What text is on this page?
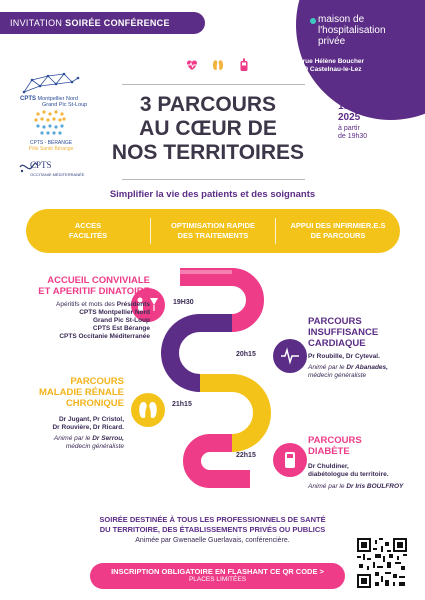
maison de
l'hospitalisation
privée
288 rue Hélène Boucher
34170 Castelnau-le-Lez
INVITATION SOIRÉE CONFÉRENCE
CPTS Montpellier Nord
Grand Pic St-Loup
CPTS - BÉRANGE
Pôle Santé Bérange
CPTS
OCCITANIE MÉDITERRANÉE
3 PARCOURS
AU CŒUR DE
NOS TERRITOIRES
MARDI
13 MAI
2025
à partir
de 19h30
Simplifier la vie des patients et des soignants
ACCES
FACILITÉS
OPTIMISATION RAPIDE
DES TRAITEMENTS
APPUI DES INFIRMIER.E.S
DE PARCOURS
19H30
20h15
21h15
22h15
ACCUEIL CONVIVIALE
ET APERITIF DINATOIRE
Apéritifs et mots des Présidents
CPTS Montpellier Nord
Grand Pic St-Loup
CPTS Est Bérange
CPTS Occitanie Méditerranée
PARCOURS
INSUFFISANCE
CARDIAQUE
Pr Roubille, Dr Cyteval.
Animé par le Dr Abanades,
médecin généraliste
PARCOURS
MALADIE RÉNALE
CHRONIQUE
Dr Jugant, Pr Cristol,
Dr Rouvière, Dr Ricard.
Animé par le Dr Serrou,
médecin généraliste
PARCOURS
DIABÈTE
Dr Chuldiner,
diabétologue du territoire.
Animé par le Dr Iris BOULFROY
SOIRÉE DESTINÉE À TOUS LES PROFESSIONNELS DE SANTÉ
DU TERRITOIRE, DES ÉTABLISSEMENTS PRIVÉS OU PUBLICS
Animée par Gwenaelle Guerlavais, conférencière.
INSCRIPTION OBLIGATOIRE EN FLASHANT CE QR CODE >
PLACES LIMITÉES
